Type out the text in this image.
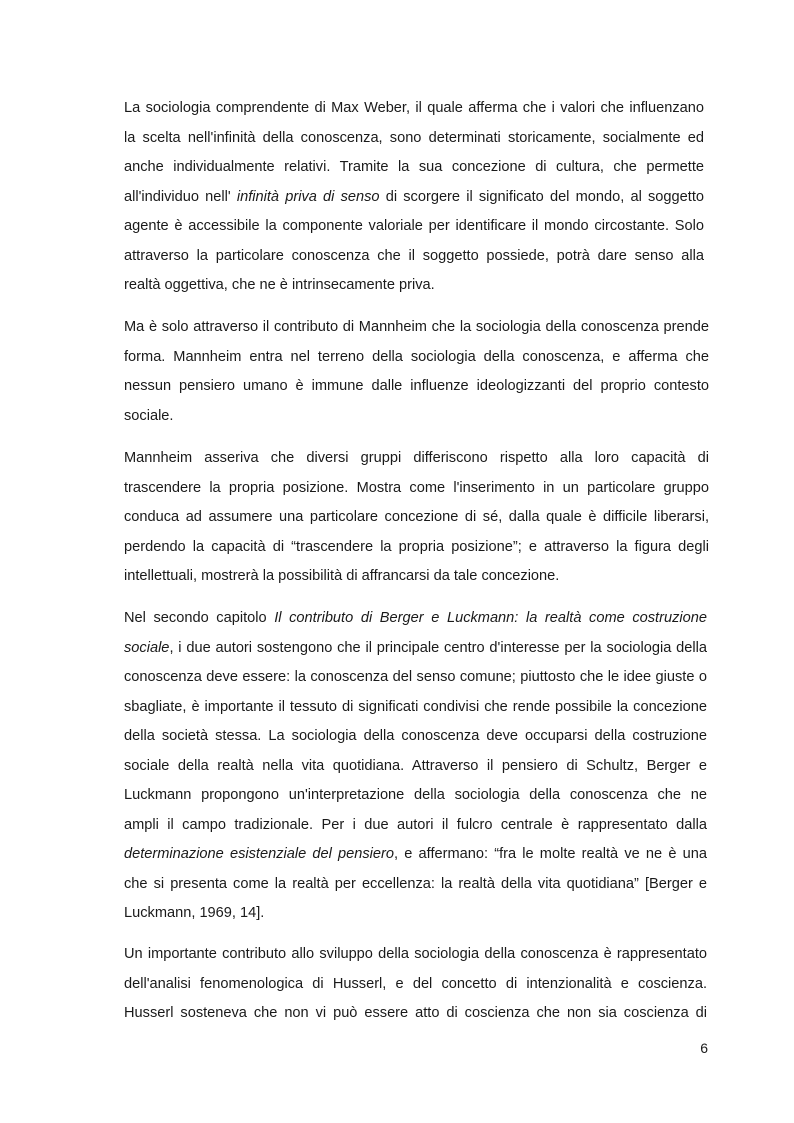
La sociologia comprendente di Max Weber, il quale afferma che i valori che influenzano
la scelta nell'infinità della conoscenza, sono determinati storicamente, socialmente ed
anche individualmente relativi. Tramite la sua concezione di cultura, che permette
all'individuo nell' infinità priva di senso di scorgere il significato del mondo, al soggetto
agente è accessibile la componente valoriale per identificare il mondo circostante. Solo
attraverso la particolare conoscenza che il soggetto possiede, potrà dare senso alla
realtà oggettiva, che ne è intrinsecamente priva.

Ma è solo attraverso il contributo di Mannheim che la sociologia della conoscenza prende
forma. Mannheim entra nel terreno della sociologia della conoscenza, e afferma che
nessun pensiero umano è immune dalle influenze ideologizzanti del proprio contesto
sociale.

Mannheim asseriva che diversi gruppi differiscono rispetto alla loro capacità di
trascendere la propria posizione. Mostra come l'inserimento in un particolare gruppo
conduca ad assumere una particolare concezione di sé, dalla quale è difficile liberarsi,
perdendo la capacità di “trascendere la propria posizione”; e attraverso la figura degli
intellettuali, mostrerà la possibilità di affrancarsi da tale concezione.

Nel secondo capitolo Il contributo di Berger e Luckmann: la realtà come costruzione
sociale, i due autori sostengono che il principale centro d'interesse per la sociologia della
conoscenza deve essere: la conoscenza del senso comune; piuttosto che le idee giuste o
sbagliate, è importante il tessuto di significati condivisi che rende possibile la concezione
della società stessa. La sociologia della conoscenza deve occuparsi della costruzione
sociale della realtà nella vita quotidiana. Attraverso il pensiero di Schultz, Berger e
Luckmann propongono un'interpretazione della sociologia della conoscenza che ne
ampli il campo tradizionale. Per i due autori il fulcro centrale è rappresentato dalla
determinazione esistenziale del pensiero, e affermano: “fra le molte realtà ve ne è una
che si presenta come la realtà per eccellenza: la realtà della vita quotidiana” [Berger e
Luckmann, 1969, 14].

Un importante contributo allo sviluppo della sociologia della conoscenza è rappresentato
dell'analisi fenomenologica di Husserl, e del concetto di intenzionalità e coscienza.
Husserl sosteneva che non vi può essere atto di coscienza che non sia coscienza di

6
